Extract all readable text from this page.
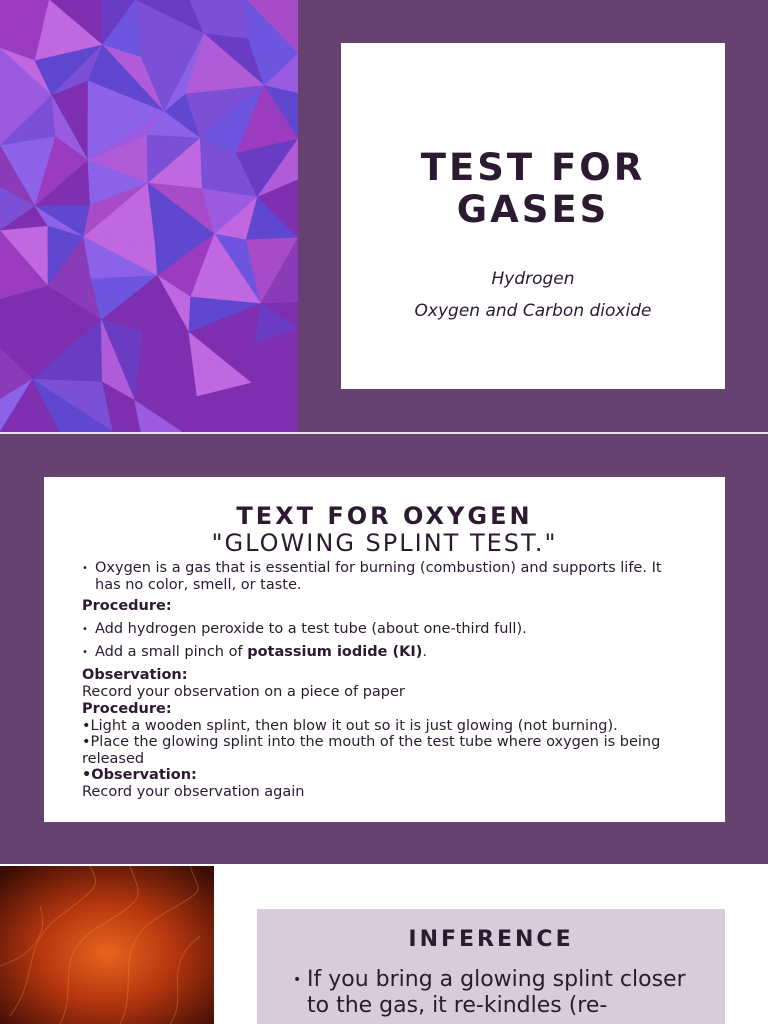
TEST FOR GASES
Hydrogen
Oxygen and Carbon dioxide
TEXT FOR OXYGEN
"GLOWING SPLINT TEST."
• Oxygen is a gas that is essential for burning (combustion) and supports life. It has no color, smell, or taste.
Procedure:
• Add hydrogen peroxide to a test tube (about one-third full).
• Add a small pinch of potassium iodide (KI).
Observation:
Record your observation on a piece of paper
Procedure:
•Light a wooden splint, then blow it out so it is just glowing (not burning).
•Place the glowing splint into the mouth of the test tube where oxygen is being released
•Observation:
Record your observation again
INFERENCE
• If you bring a glowing splint closer to the gas, it re-kindles (re-
